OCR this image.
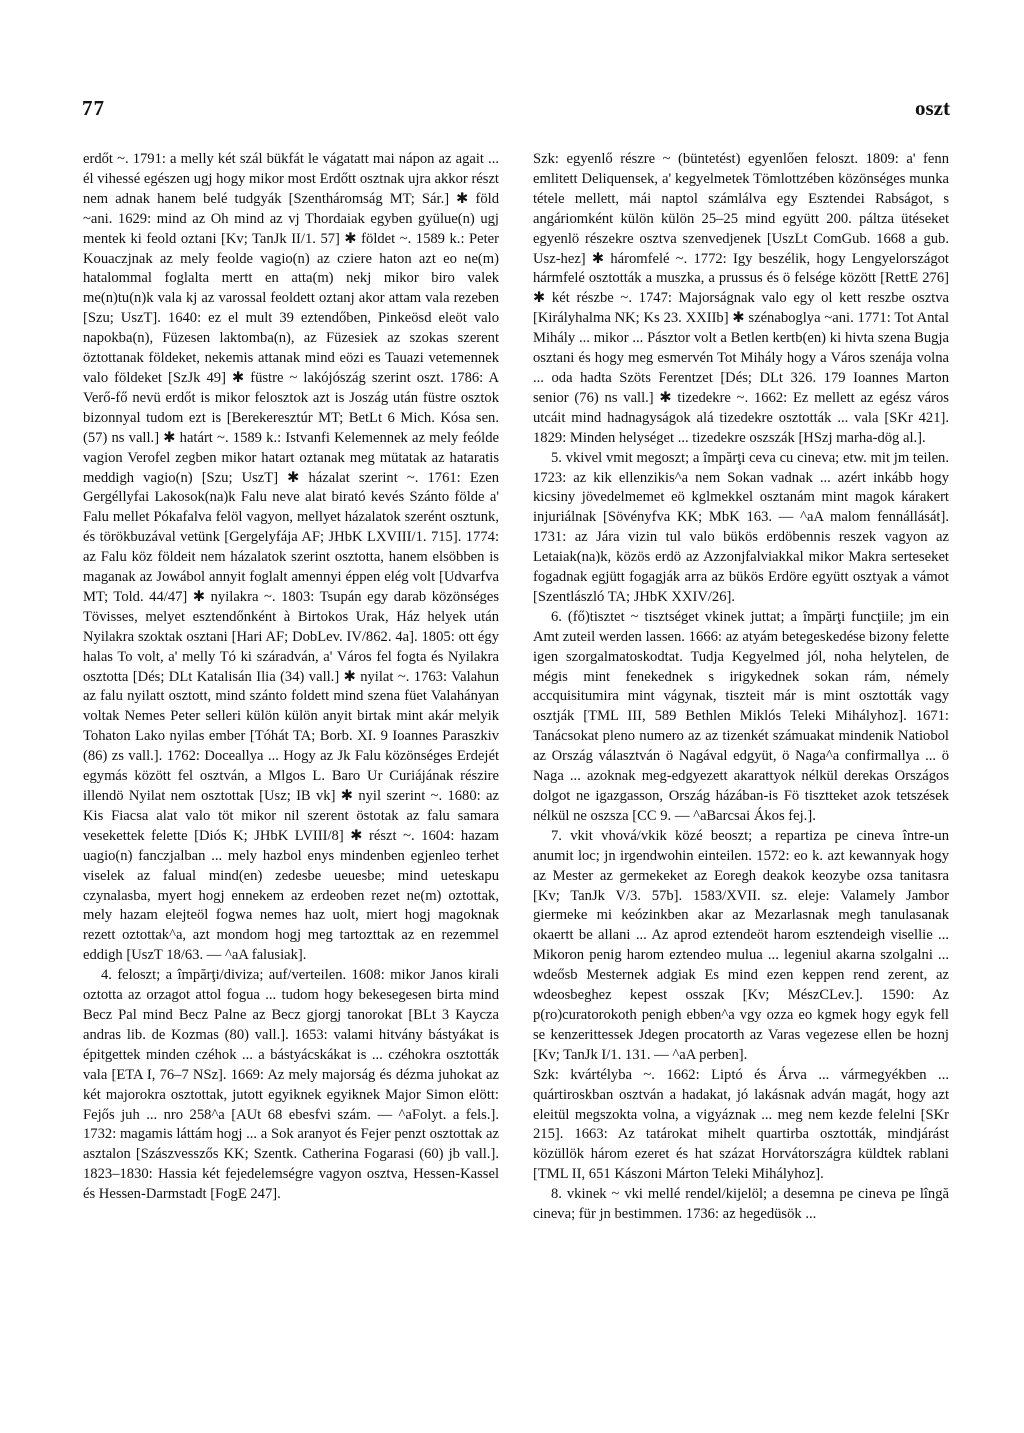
77	oszt

erdőt ~. 1791: a melly két szál bükfát le vágatatt mai nápon az agait ... él vihessé egészen ugj hogy mikor most Erdőtt osztnak ujra akkor részt nem adnak hanem belé tudgyák [Szentháromság MT; Sár.] ✱ föld ~ani. 1629: mind az Oh mind az vj Thordaiak egyben gyülue(n) ugj mentek ki feold oztani [Kv; TanJk II/1. 57] ✱ földet ~. 1589 k.: Peter Kouaczjnak az mely feolde vagio(n) az cziere haton azt eo ne(m) hatalommal foglalta mertt en atta(m) nekj mikor biro valek me(n)tu(n)k vala kj az varossal feoldett oztanj akor attam vala rezeben [Szu; UszT]. 1640: ez el mult 39 eztendőben, Pinkeösd eleöt valo napokba(n), Füzesen laktomba(n), az Füzesiek az szokas szerent öztottanak földeket, nekemis attanak mind eözi es Tauazi vetemennek valo földeket [SzJk 49] ✱ füstre ~ lakójószág szerint oszt. 1786: A Verő-fő nevü erdőt is mikor felosztok azt is Joszág után füstre osztok bizonnyal tudom ezt is [Berekeresztúr MT; BetLt 6 Mich. Kósa sen. (57) ns vall.] ✱ határt ~. 1589 k.: Istvanfi Kelemennek az mely feólde vagion Verofel zegben mikor hatart oztanak meg mütatak az hataratis meddigh vagio(n) [Szu; UszT] ✱ házalat szerint ~. 1761: Ezen Gergéllyfai Lakosok(na)k Falu neve alat birató kevés Szánto földe a' Falu mellet Pókafalva felöl vagyon, mellyet házalatok szerént osztunk, és törökbuzával vetünk [Gergelyfája AF; JHbK LXVIII/1. 715]. 1774: az Falu köz földeit nem házalatok szerint osztotta, hanem elsöbben is maganak az Jowábol annyit foglalt amennyi éppen elég volt [Udvarfva MT; Told. 44/47] ✱ nyilakra ~. 1803: Tsupán egy darab közönséges Tövisses, melyet esztendőnként à Birtokos Urak, Ház helyek után Nyilakra szoktak osztani [Hari AF; DobLev. IV/862. 4a]. 1805: ott égy halas To volt, a' melly Tó ki száradván, a' Város fel fogta és Nyilakra osztotta [Dés; DLt Katalisán Ilia (34) vall.] ✱ nyilat ~. 1763: Valahun az falu nyilatt osztott, mind szánto foldett mind szena füet Valahányan voltak Nemes Peter selleri külön külön anyit birtak mint akár melyik Tohaton Lako nyilas ember [Tóhát TA; Borb. XI. 9 Ioannes Paraszkiv (86) zs vall.]. 1762: Doceallya ... Hogy az Jk Falu közönséges Erdejét egymás között fel osztván, a Mlgos L. Baro Ur Curiájának részire illendö Nyilat nem osztottak [Usz; IB vk] ✱ nyil szerint ~. 1680: az Kis Fiacsa alat valo töt mikor nil szerent östotak az falu samara vesekettek felette [Diós K; JHbK LVIII/8] ✱ részt ~. 1604: hazam uagio(n) fanczjalban ... mely hazbol enys mindenben egjenleo terhet viselek az falual mind(en) zedesbe ueuesbe; mind ueteskapu czynalasba, myert hogj ennekem az erdeoben rezet ne(m) oztottak, mely hazam elejteöl fogwa nemes haz uolt, miert hogj magoknak rezett oztottak^a, azt mondom hogj meg tartozttak az en rezemmel eddigh [UszT 18/63. — ^aA falusiak].

4. feloszt; a împărţi/diviza; auf/verteilen. 1608: mikor Janos kirali oztotta az orzagot attol fogua ... tudom hogy bekesegesen birta mind Becz Pal mind Becz Palne az Becz gjorgj tanorokat [BLt 3 Kaycza andras lib. de Kozmas (80) vall.]. 1653: valami hitvány bástyákat is épitgettek minden czéhok ... a bástyácskákat is ... czéhokra osztották vala [ETA I, 76–7 NSz]. 1669: Az mely majorság és dézma juhokat az két majorokra osztottak, jutott egyiknek egyiknek Major Simon elött: Fejős juh ... nro 258^a [AUt 68 ebesfvi szám. — ^aFolyt. a fels.]. 1732: magamis láttám hogj ... a Sok aranyot és Fejer penzt osztottak az asztalon [Szászvesszős KK; Szentk. Catherina Fogarasi (60) jb vall.]. 1823–1830: Hassia két fejedelemségre vagyon osztva, Hessen-Kassel és Hessen-Darmstadt [FogE 247].

Szk: egyenlő részre ~ (büntetést) egyenlően feloszt. 1809: a' fenn emlitett Deliquensek, a' kegyelmetek Tömlottzében közönséges munka tétele mellett, mái naptol számlálva egy Esztendei Rabságot, s angáriomként külön külön 25–25 mind együtt 200. páltza ütéseket egyenlö részekre osztva szenvedjenek [UszLt ComGub. 1668 a gub. Usz-hez] ✱ háromfelé ~. 1772: Igy beszélik, hogy Lengyelországot hármfelé osztották a muszka, a prussus és ö felsége között [RettE 276] ✱ két részbe ~. 1747: Majorságnak valo egy ol kett reszbe osztva [Királyhalma NK; Ks 23. XXIIb] ✱ szénaboglya ~ani. 1771: Tot Antal Mihály ... mikor ... Pásztor volt a Betlen kertb(en) ki hivta szena Bugja osztani és hogy meg esmervén Tot Mihály hogy a Város szenája volna ... oda hadta Szöts Ferentzet [Dés; DLt 326. 179 Ioannes Marton senior (76) ns vall.] ✱ tizedekre ~. 1662: Ez mellett az egész város utcáit mind hadnagyságok alá tizedekre osztották ... vala [SKr 421]. 1829: Minden helységet ... tizedekre oszszák [HSzj marha-dög al.].

5. vkivel vmit megoszt; a împărţi ceva cu cineva; etw. mit jm teilen. 1723: az kik ellenzikis^a nem Sokan vadnak ... azért inkább hogy kicsiny jövedelmemet eö kglmekkel osztanám mint magok kárakert injuriálnak [Sövényfva KK; MbK 163. — ^aA malom fennállását]. 1731: az Jára vizin tul valo bükös erdöbennis reszek vagyon az Letaiak(na)k, közös erdö az Azzonjfalviakkal mikor Makra serteseket fogadnak egjütt fogagják arra az bükös Erdöre együtt osztyak a vámot [Szentlászló TA; JHbK XXIV/26].

6. (fő)tisztet ~ tisztséget vkinek juttat; a împărţi funcţiile; jm ein Amt zuteil werden lassen. 1666: az atyám betegeskedése bizony felette igen szorgalmatoskodtat. Tudja Kegyelmed jól, noha helytelen, de mégis mint fenekednek s irigykednek sokan rám, némely accquisitumira mint vágynak, tiszteit már is mint osztották vagy osztják [TML III, 589 Bethlen Miklós Teleki Mihályhoz]. 1671: Tanácsokat pleno numero az az tizenkét számuakat mindenik Natiobol az Ország választván ö Nagával edgyüt, ö Naga^a confirmallya ... ö Naga ... azoknak meg-edgyezett akarattyok nélkül derekas Országos dolgot ne igazgasson, Ország házában-is Fö tisztteket azok tetszések nélkül ne oszsza [CC 9. — ^aBarcsai Ákos fej.].

7. vkit vhová/vkik közé beoszt; a repartiza pe cineva între-un anumit loc; jn irgendwohin einteilen. 1572: eo k. azt kewannyak hogy az Mester az germekeket az Eoregh deakok keozybe ozsa tanitasra [Kv; TanJk V/3. 57b]. 1583/XVII. sz. eleje: Valamely Jambor giermeke mi keózinkben akar az Mezarlasnak megh tanulasanak okaertt be allani ... Az aprod eztendeöt harom esztendeigh visellie ... Mikoron penig harom eztendeo mulua ... legeniul akarna szolgalni ... wdeősb Mesternek adgiak Es mind ezen keppen rend zerent, az wdeosbeghez kepest osszak [Kv; MészCLev.]. 1590: Az p(ro)curatorokoth penigh ebben^a vgy ozza eo kgmek hogy egyk fell se kenzerittessek Jdegen procatorth az Varas vegezese ellen be hoznj [Kv; TanJk I/1. 131. — ^aA perben].

Szk: kvártélyba ~. 1662: Liptó és Árva ... vármegyékben ... quártiroskban osztván a hadakat, jó lakásnak adván magát, hogy azt eleitül megszokta volna, a vigyáznak ... meg nem kezde felelni [SKr 215]. 1663: Az tatárokat mihelt quartirba osztották, mindjárást közüllök három ezeret és hat százat Horvátországra küldtek rablani [TML II, 651 Kászoni Márton Teleki Mihályhoz].

8. vkinek ~ vki mellé rendel/kijelöl; a desemna pe cineva pe lîngă cineva; für jn bestimmen. 1736: az hegedüsök ...
